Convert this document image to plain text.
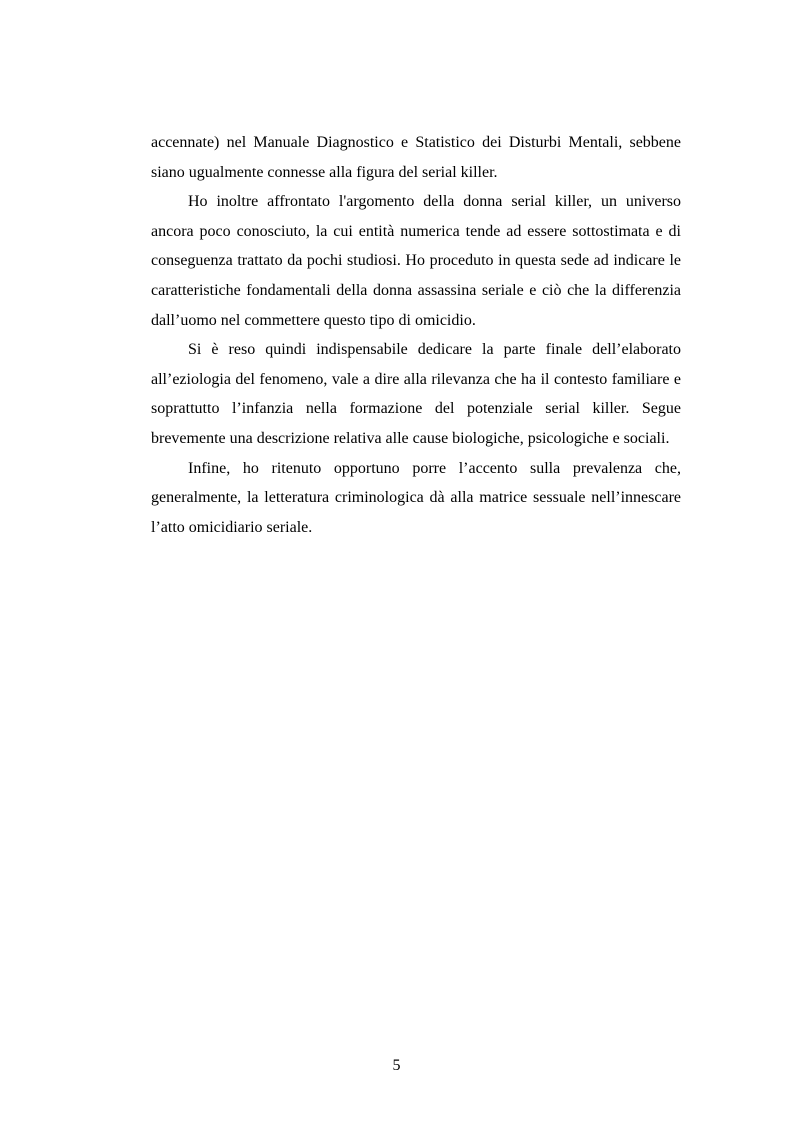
accennate) nel Manuale Diagnostico e Statistico dei Disturbi Mentali, sebbene siano ugualmente connesse alla figura del serial killer.

Ho inoltre affrontato l'argomento della donna serial killer, un universo ancora poco conosciuto, la cui entità numerica tende ad essere sottostimata e di conseguenza trattato da pochi studiosi. Ho proceduto in questa sede ad indicare le caratteristiche fondamentali della donna assassina seriale e ciò che la differenzia dall’uomo nel commettere questo tipo di omicidio.

Si è reso quindi indispensabile dedicare la parte finale dell’elaborato all’eziologia del fenomeno, vale a dire alla rilevanza che ha il contesto familiare e soprattutto l’infanzia nella formazione del potenziale serial killer. Segue brevemente una descrizione relativa alle cause biologiche, psicologiche e sociali.

Infine, ho ritenuto opportuno porre l’accento sulla prevalenza che, generalmente, la letteratura criminologica dà alla matrice sessuale nell’innescare l’atto omicidiario seriale.

5
